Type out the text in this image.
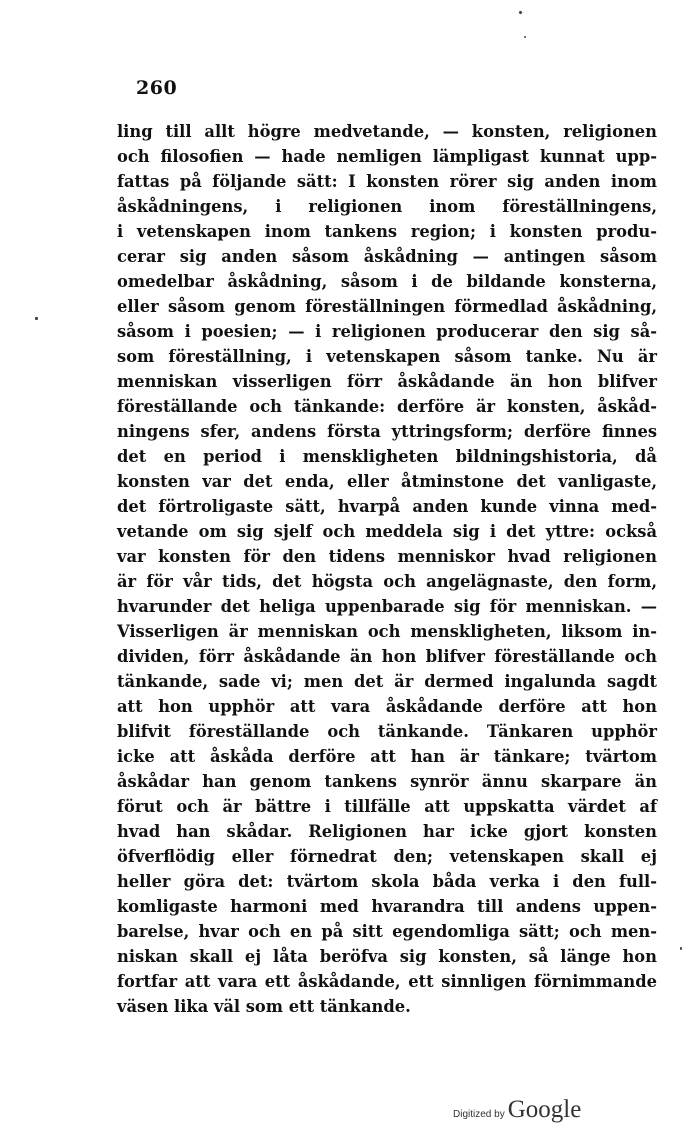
260
ling till allt högre medvetande, — konsten, religionen
och filosofien — hade nemligen lämpligast kunnat upp-
fattas på följande sätt: I konsten rörer sig anden inom
åskådningens, i religionen inom föreställningens,
i vetenskapen inom tankens region; i konsten produ-
cerar sig anden såsom åskådning — antingen såsom
omedelbar åskådning, såsom i de bildande konsterna,
eller såsom genom föreställningen förmedlad åskådning,
såsom i poesien; — i religionen producerar den sig så-
som föreställning, i vetenskapen såsom tanke. Nu är
menniskan visserligen förr åskådande än hon blifver
föreställande och tänkande: derföre är konsten, åskåd-
ningens sfer, andens första yttringsform; derföre finnes
det en period i menskligheten bildningshistoria, då
konsten var det enda, eller åtminstone det vanligaste,
det förtroligaste sätt, hvarpå anden kunde vinna med-
vetande om sig sjelf och meddela sig i det yttre: också
var konsten för den tidens menniskor hvad religionen
är för vår tids, det högsta och angelägnaste, den form,
hvarunder det heliga uppenbarade sig för menniskan. —
Visserligen är menniskan och menskligheten, liksom in-
dividen, förr åskådande än hon blifver föreställande och
tänkande, sade vi; men det är dermed ingalunda sagdt
att hon upphör att vara åskådande derföre att hon
blifvit föreställande och tänkande. Tänkaren upphör
icke att åskåda derföre att han är tänkare; tvärtom
åskådar han genom tankens synrör ännu skarpare än
förut och är bättre i tillfälle att uppskatta värdet af
hvad han skådar. Religionen har icke gjort konsten
öfverflödig eller förnedrat den; vetenskapen skall ej
heller göra det: tvärtom skola båda verka i den full-
komligaste harmoni med hvarandra till andens uppen-
barelse, hvar och en på sitt egendomliga sätt; och men-
niskan skall ej låta beröfva sig konsten, så länge hon
fortfar att vara ett åskådande, ett sinnligen förnimmande
väsen lika väl som ett tänkande.
Digitized by Google
